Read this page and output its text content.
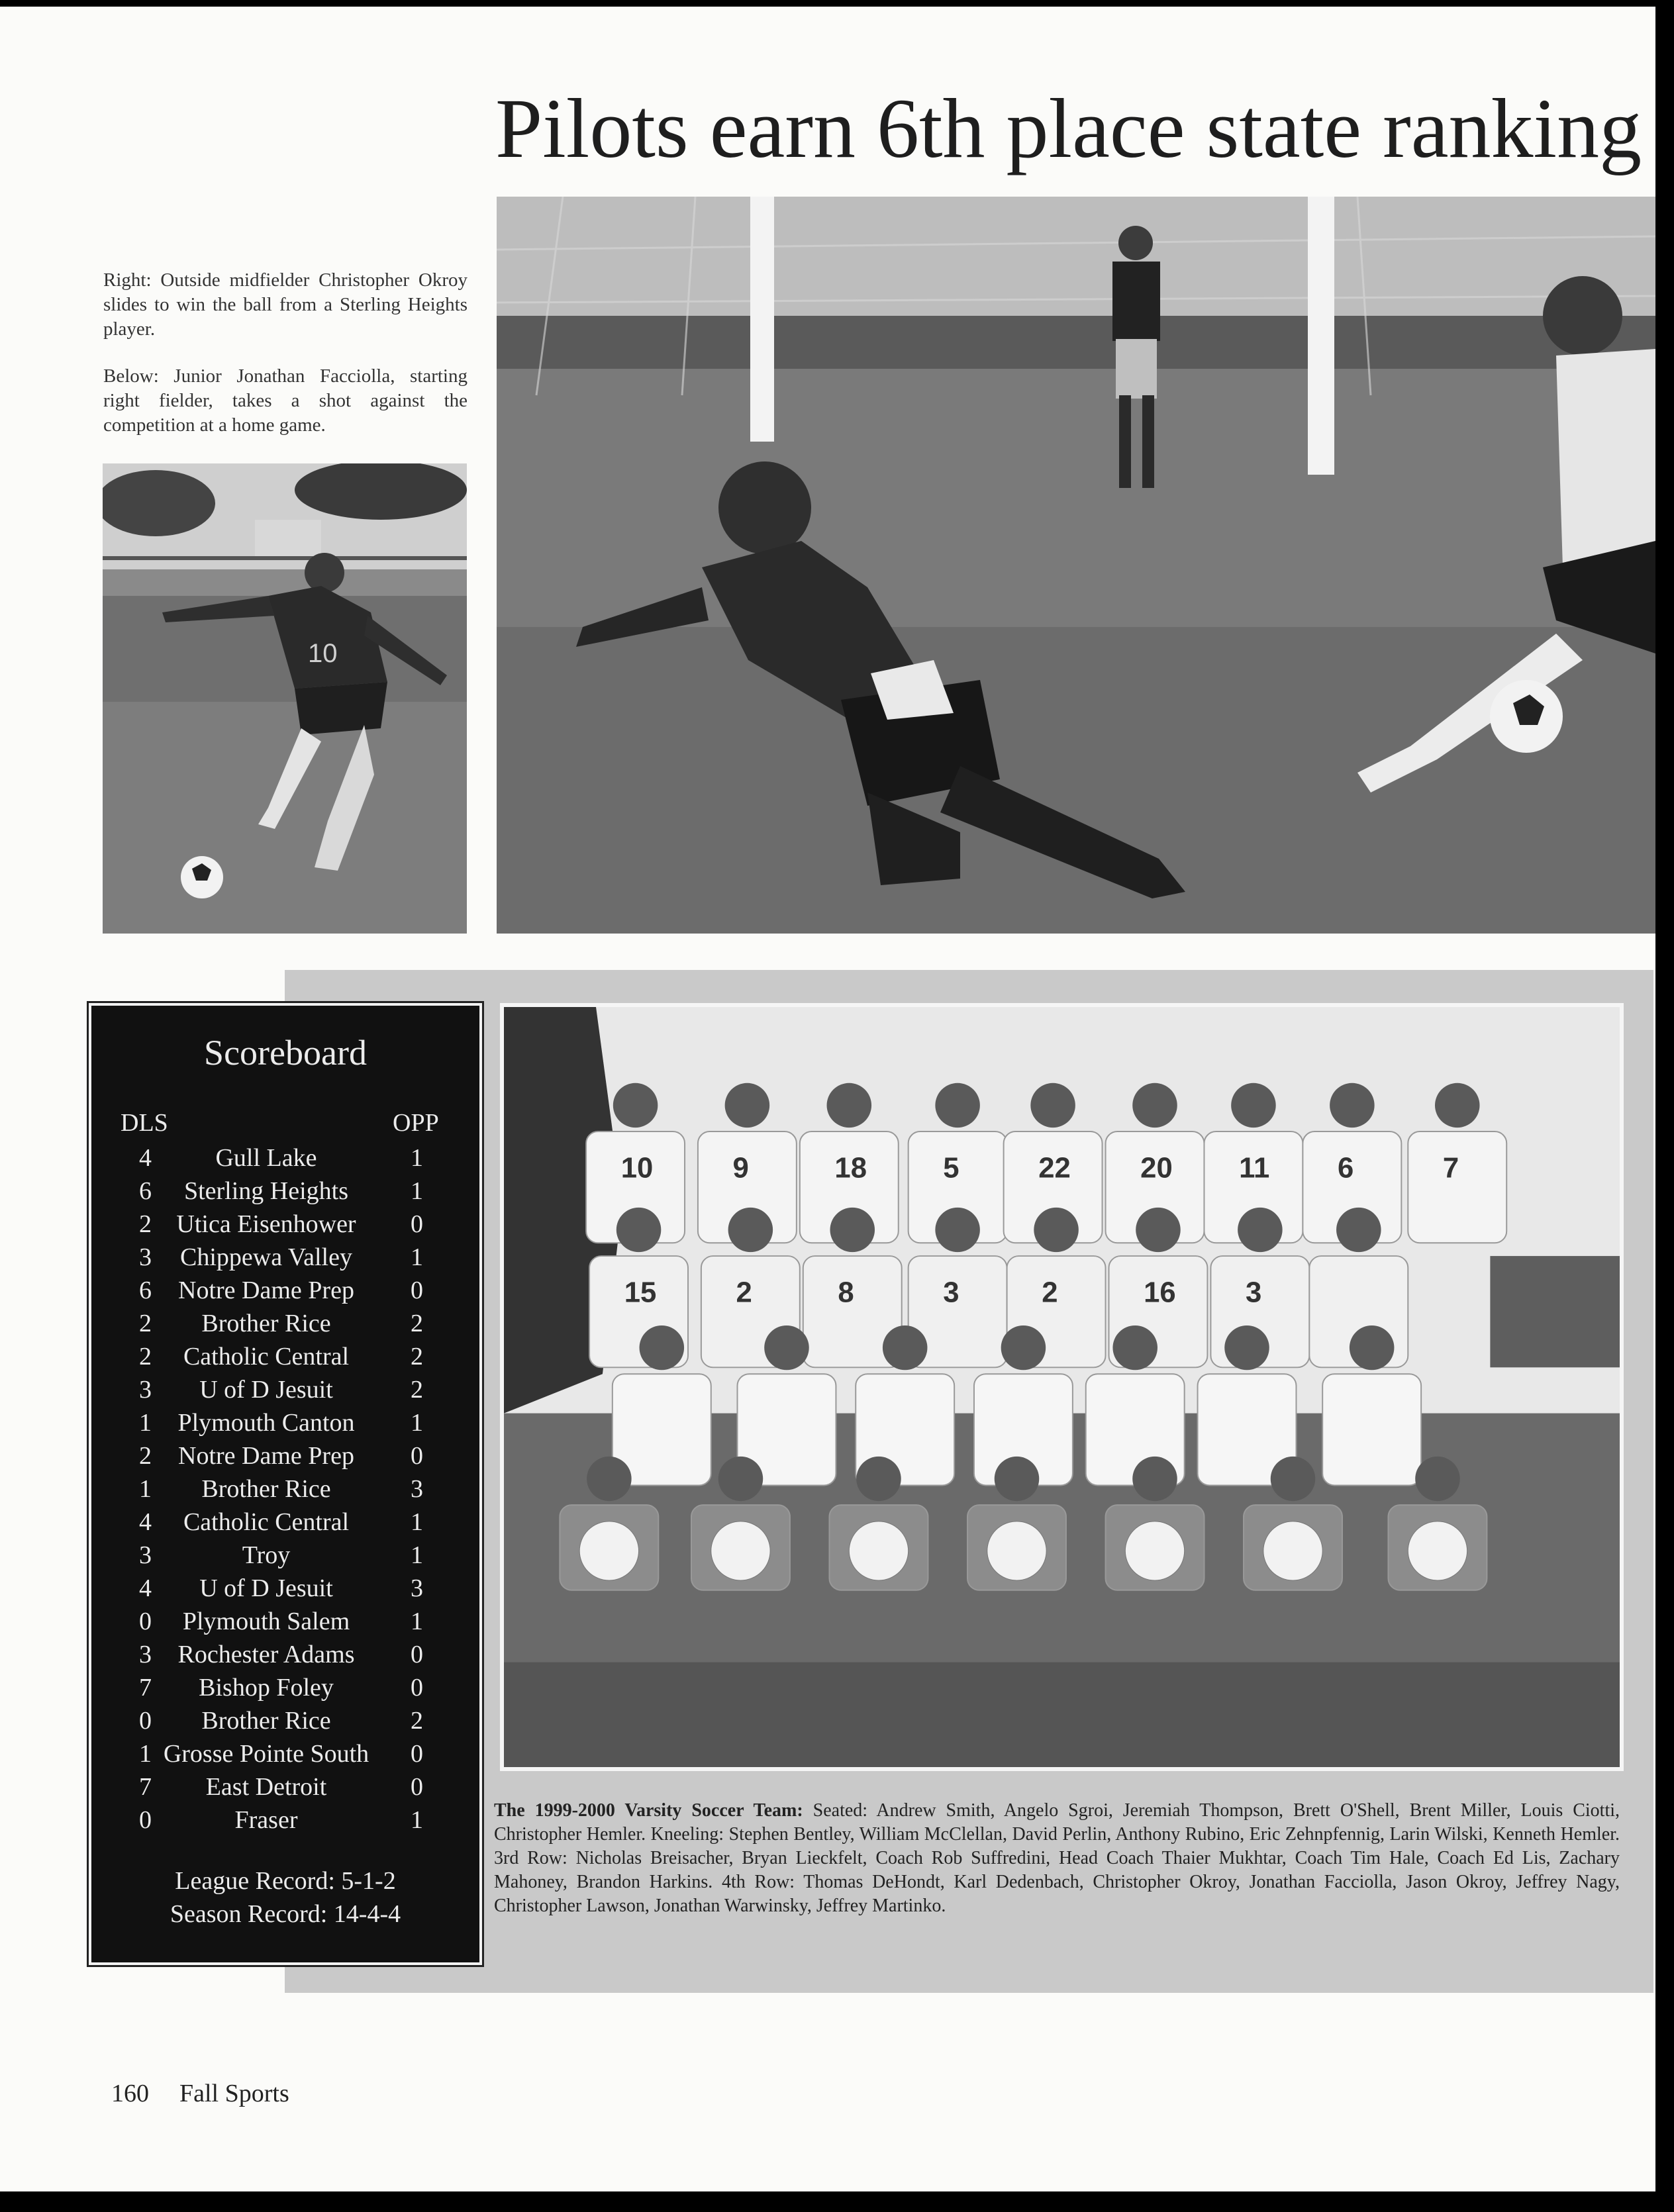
Pilots earn 6th place state ranking

Right: Outside midfielder Christopher Okroy slides to win the ball from a Sterling Heights player.

Below: Junior Jonathan Facciolla, starting right fielder, takes a shot against the competition at a home game.

10
10	9	18	5	22 20 11 6	7
15	2	8	3	2	16 3

The 1999-2000 Varsity Soccer Team: Seated: Andrew Smith, Angelo Sgroi, Jeremiah Thompson, Brett O'Shell, Brent Miller, Louis Ciotti, Christopher Hemler. Kneeling: Stephen Bentley, William McClellan, David Perlin, Anthony Rubino, Eric Zehnpfennig, Larin Wilski, Kenneth Hemler. 3rd Row: Nicholas Breisacher, Bryan Lieckfelt, Coach Rob Suffredini, Head Coach Thaier Mukhtar, Coach Tim Hale, Coach Ed Lis, Zachary Mahoney, Brandon Harkins. 4th Row: Thomas DeHondt, Karl Dedenbach, Christopher Okroy, Jonathan Facciolla, Jason Okroy, Jeffrey Nagy, Christopher Lawson, Jonathan Warwinsky, Jeffrey Martinko.

Scoreboard
DLS	OPP
4	Gull Lake	1
6	Sterling Heights	1
2 Utica Eisenhower	0
3	Chippewa Valley	1
6	Notre Dame Prep	0
2	Brother Rice	2
2	Catholic Central	2
3	U of D Jesuit	2
1	Plymouth Canton	1
2	Notre Dame Prep	0
1	Brother Rice	3
4	Catholic Central	1
3	Troy	1
4	U of D Jesuit	3
0	Plymouth Salem	1
3	Rochester Adams	0
7	Bishop Foley	0
0	Brother Rice	2
1 Grosse Pointe South	0
7	East Detroit	0
0	Fraser	1
League Record: 5-1-2
Season Record: 14-4-4
160 Fall Sports
